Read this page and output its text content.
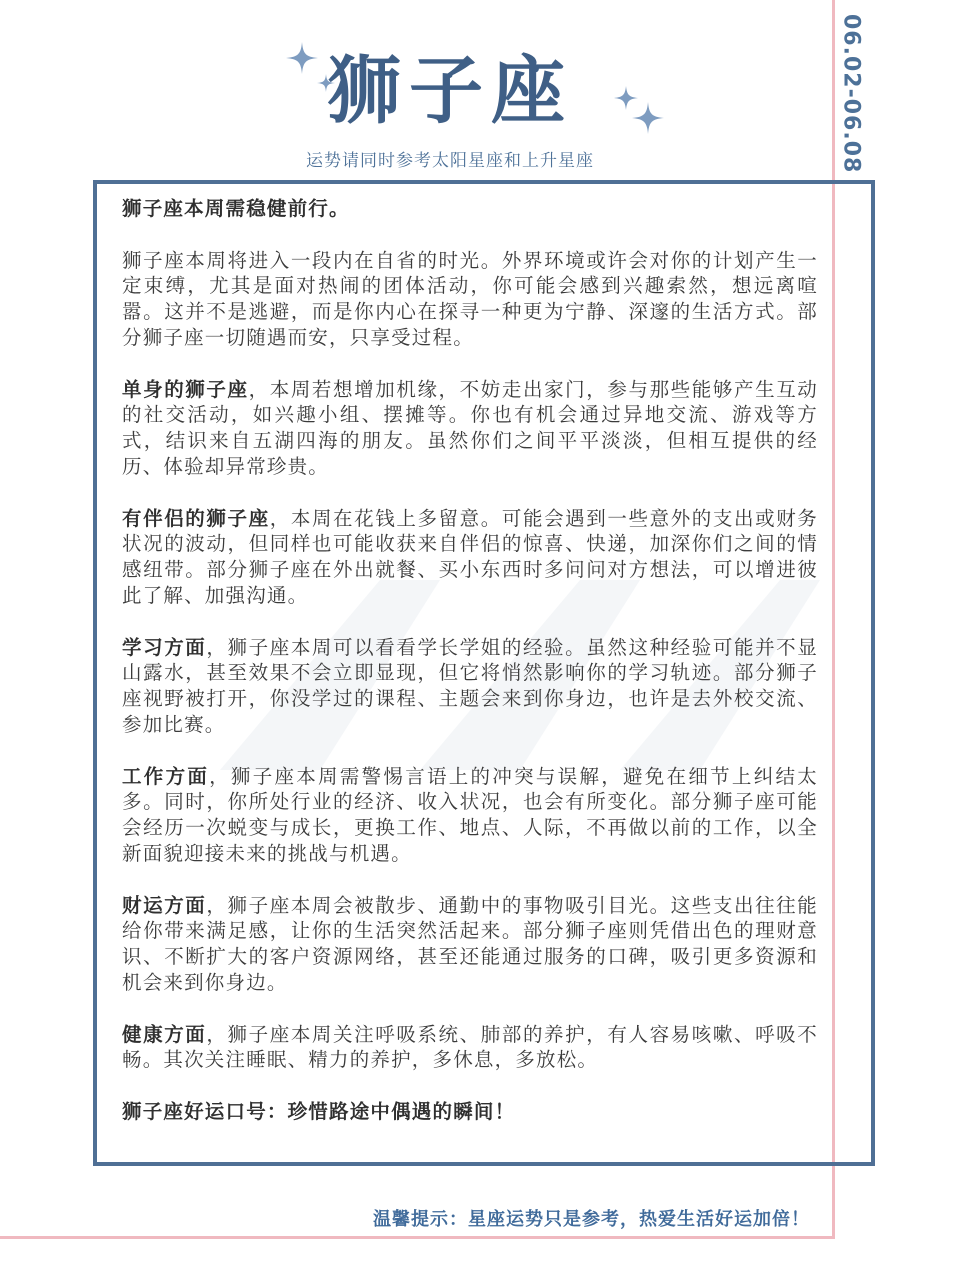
06.02-06.08
狮子座
运势请同时参考太阳星座和上升星座

狮子座本周需稳健前行。

狮子座本周将进入一段内在自省的时光。外界环境或许会对你的计划产生一定束缚，尤其是面对热闹的团体活动，你可能会感到兴趣索然，想远离喧嚣。这并不是逃避，而是你内心在探寻一种更为宁静、深邃的生活方式。部分狮子座一切随遇而安，只享受过程。

单身的狮子座，本周若想增加机缘，不妨走出家门，参与那些能够产生互动的社交活动，如兴趣小组、摆摊等。你也有机会通过异地交流、游戏等方式，结识来自五湖四海的朋友。虽然你们之间平平淡淡，但相互提供的经历、体验却异常珍贵。

有伴侣的狮子座，本周在花钱上多留意。可能会遇到一些意外的支出或财务状况的波动，但同样也可能收获来自伴侣的惊喜、快递，加深你们之间的情感纽带。部分狮子座在外出就餐、买小东西时多问问对方想法，可以增进彼此了解、加强沟通。

学习方面，狮子座本周可以看看学长学姐的经验。虽然这种经验可能并不显山露水，甚至效果不会立即显现，但它将悄然影响你的学习轨迹。部分狮子座视野被打开，你没学过的课程、主题会来到你身边，也许是去外校交流、参加比赛。

工作方面，狮子座本周需警惕言语上的冲突与误解，避免在细节上纠结太多。同时，你所处行业的经济、收入状况，也会有所变化。部分狮子座可能会经历一次蜕变与成长，更换工作、地点、人际，不再做以前的工作，以全新面貌迎接未来的挑战与机遇。

财运方面，狮子座本周会被散步、通勤中的事物吸引目光。这些支出往往能给你带来满足感，让你的生活突然活起来。部分狮子座则凭借出色的理财意识、不断扩大的客户资源网络，甚至还能通过服务的口碑，吸引更多资源和机会来到你身边。

健康方面，狮子座本周关注呼吸系统、肺部的养护，有人容易咳嗽、呼吸不畅。其次关注睡眠、精力的养护，多休息，多放松。

狮子座好运口号：珍惜路途中偶遇的瞬间！

温馨提示：星座运势只是参考，热爱生活好运加倍！
